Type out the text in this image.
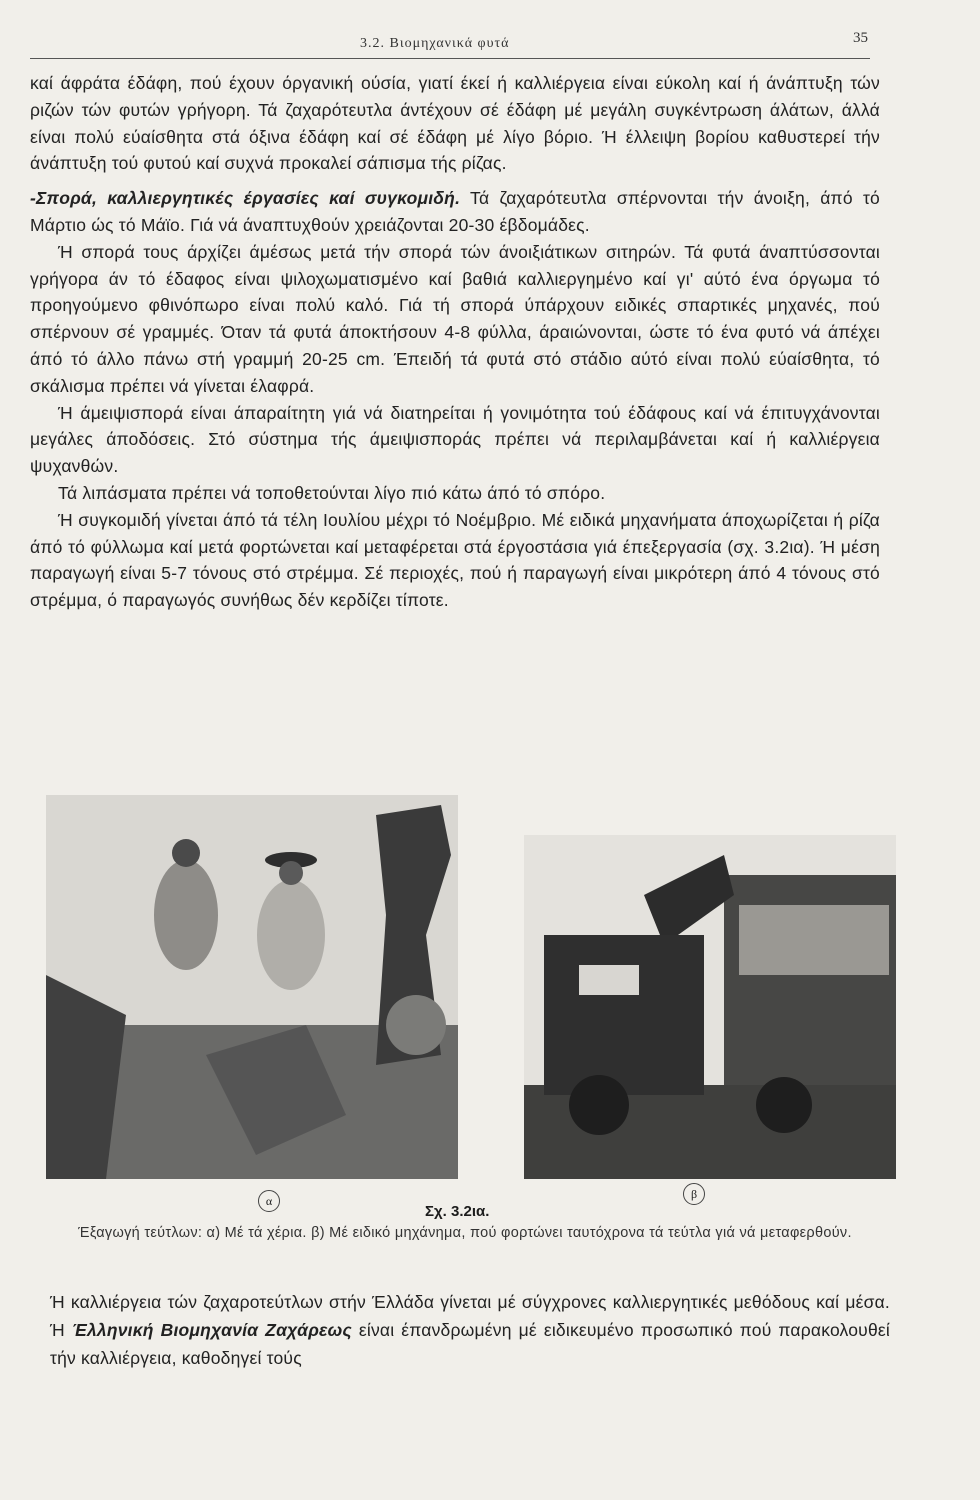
3.2. Βιομηχανικά φυτά	35

καί άφράτα έδάφη, πού έχουν όργανική ούσία, γιατί έκεί ή καλλιέργεια είναι εύκολη καί ή άνάπτυξη τών ριζών τών φυτών γρήγορη. Τά ζαχαρότευτλα άντέχουν σέ έδάφη μέ μεγάλη συγκέντρωση άλάτων, άλλά είναι πολύ εύαίσθητα στά όξινα έδάφη καί σέ έδάφη μέ λίγο βόριο. Ή έλλειψη βορίου καθυστερεί τήν άνάπτυξη τού φυτού καί συχνά προκαλεί σάπισμα τής ρίζας.

-Σπορά, καλλιεργητικές έργασίες καί συγκομιδή. Τά ζαχαρότευτλα σπέρνονται τήν άνοιξη, άπό τό Μάρτιο ώς τό Μάϊο. Γιά νά άναπτυχθούν χρειάζονται 20-30 έβδομάδες.

Ή σπορά τους άρχίζει άμέσως μετά τήν σπορά τών άνοιξιάτικων σιτηρών. Τά φυτά άναπτύσσονται γρήγορα άν τό έδαφος είναι ψιλοχωματισμένο καί βαθιά καλλιεργημένο καί γι' αύτό ένα όργωμα τό προηγούμενο φθινόπωρο είναι πολύ καλό. Γιά τή σπορά ύπάρχουν ειδικές σπαρτικές μηχανές, πού σπέρνουν σέ γραμμές. Όταν τά φυτά άποκτήσουν 4-8 φύλλα, άραιώνονται, ώστε τό ένα φυτό νά άπέχει άπό τό άλλο πάνω στή γραμμή 20-25 cm. Έπειδή τά φυτά στό στάδιο αύτό είναι πολύ εύαίσθητα, τό σκάλισμα πρέπει νά γίνεται έλαφρά.

Ή άμειψισπορά είναι άπαραίτητη γιά νά διατηρείται ή γονιμότητα τού έδάφους καί νά έπιτυγχάνονται μεγάλες άποδόσεις. Στό σύστημα τής άμειψισποράς πρέπει νά περιλαμβάνεται καί ή καλλιέργεια ψυχανθών.

Τά λιπάσματα πρέπει νά τοποθετούνται λίγο πιό κάτω άπό τό σπόρο.

Ή συγκομιδή γίνεται άπό τά τέλη Ιουλίου μέχρι τό Νοέμβριο. Μέ ειδικά μηχανήματα άποχωρίζεται ή ρίζα άπό τό φύλλωμα καί μετά φορτώνεται καί μεταφέρεται στά έργοστάσια γιά έπεξεργασία (σχ. 3.2ια). Ή μέση παραγωγή είναι 5-7 τόνους στό στρέμμα. Σέ περιοχές, πού ή παραγωγή είναι μικρότερη άπό 4 τόνους στό στρέμμα, ό παραγωγός συνήθως δέν κερδίζει τίποτε.

α	β
Σχ. 3.2ια.
Έξαγωγή τεύτλων: α) Μέ τά χέρια. β) Μέ ειδικό μηχάνημα, πού φορτώνει ταυτόχρονα τά τεύτλα γιά νά μεταφερθούν.

Ή καλλιέργεια τών ζαχαροτεύτλων στήν Έλλάδα γίνεται μέ σύγχρονες καλλιεργητικές μεθόδους καί μέσα. Ή Έλληνική Βιομηχανία Ζαχάρεως είναι έπανδρωμένη μέ ειδικευμένο προσωπικό πού παρακολουθεί τήν καλλιέργεια, καθοδηγεί τούς
